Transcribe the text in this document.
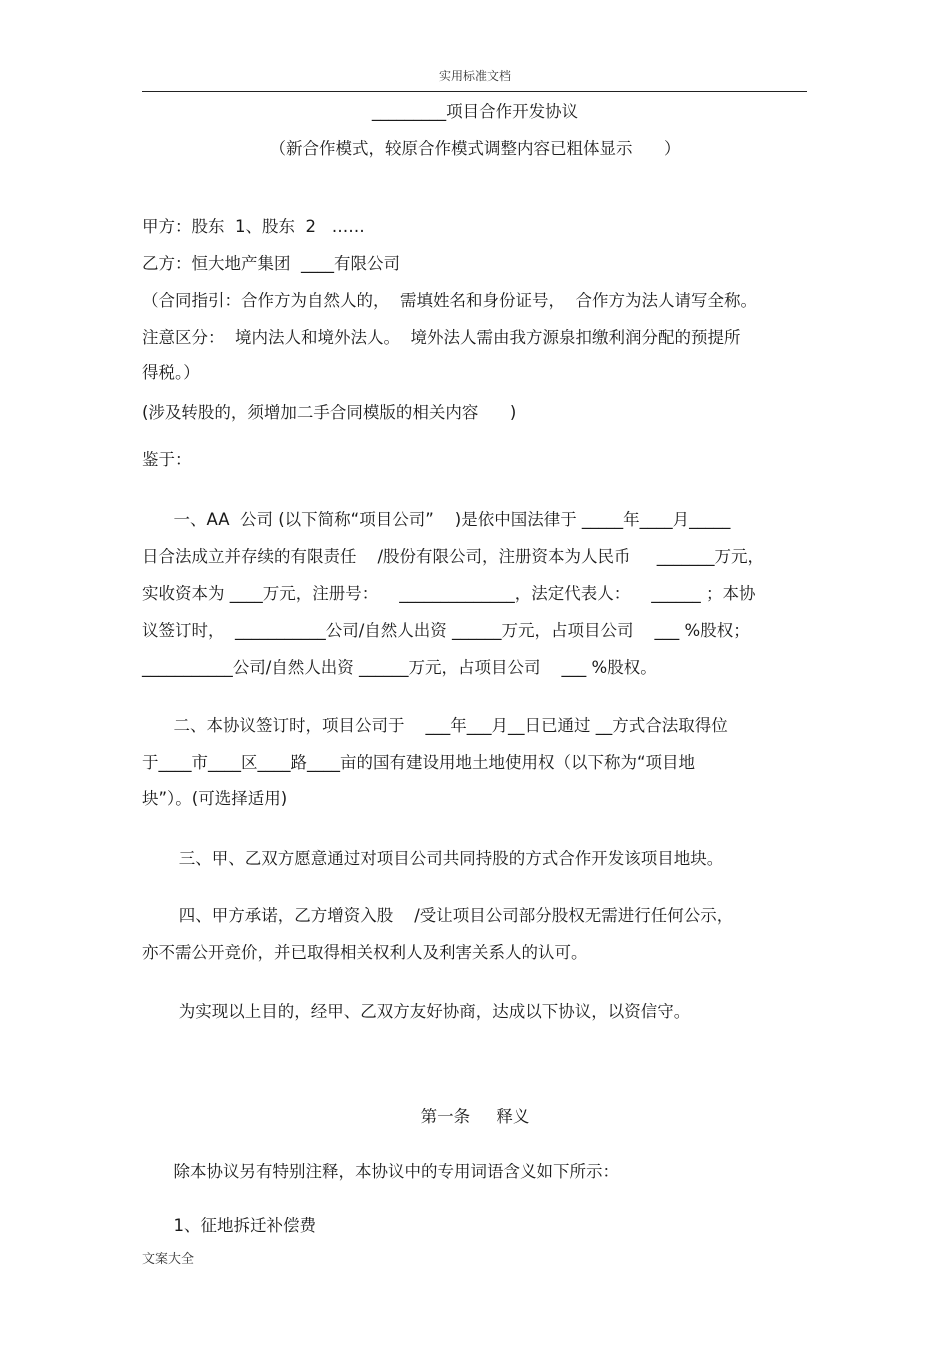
实用标准文档
_________项目合作开发协议
（新合作模式，较原合作模式调整内容已粗体显示      ）
甲方：股东  1、股东  2   ……
乙方：恒大地产集团  ____有限公司
（合同指引：合作方为自然人的，  需填姓名和身份证号，  合作方为法人请写全称。
注意区分：  境内法人和境外法人。  境外法人需由我方源泉扣缴利润分配的预提所
得税。）
(涉及转股的，须增加二手合同模版的相关内容      )
鉴于：
一、AA  公司 (以下简称“项目公司”    )是依中国法律于 _____年____月_____
日合法成立并存续的有限责任    /股份有限公司，注册资本为人民币     _______万元，
实收资本为 ____万元，注册号：    ______________，法定代表人：    ______ ；本协
议签订时，  ___________公司/自然人出资 ______万元，占项目公司    ___ %股权；
___________公司/自然人出资 ______万元，占项目公司    ___ %股权。
二、本协议签订时，项目公司于    ___年___月__日已通过 __方式合法取得位
于____市____区____路____亩的国有建设用地土地使用权（以下称为“项目地
块”）。(可选择适用)
三、甲、乙双方愿意通过对项目公司共同持股的方式合作开发该项目地块。
四、甲方承诺，乙方增资入股    /受让项目公司部分股权无需进行任何公示，
亦不需公开竞价，并已取得相关权利人及利害关系人的认可。
为实现以上目的，经甲、乙双方友好协商，达成以下协议，以资信守。
第一条     释义
除本协议另有特别注释，本协议中的专用词语含义如下所示：
1、征地拆迁补偿费
文案大全
